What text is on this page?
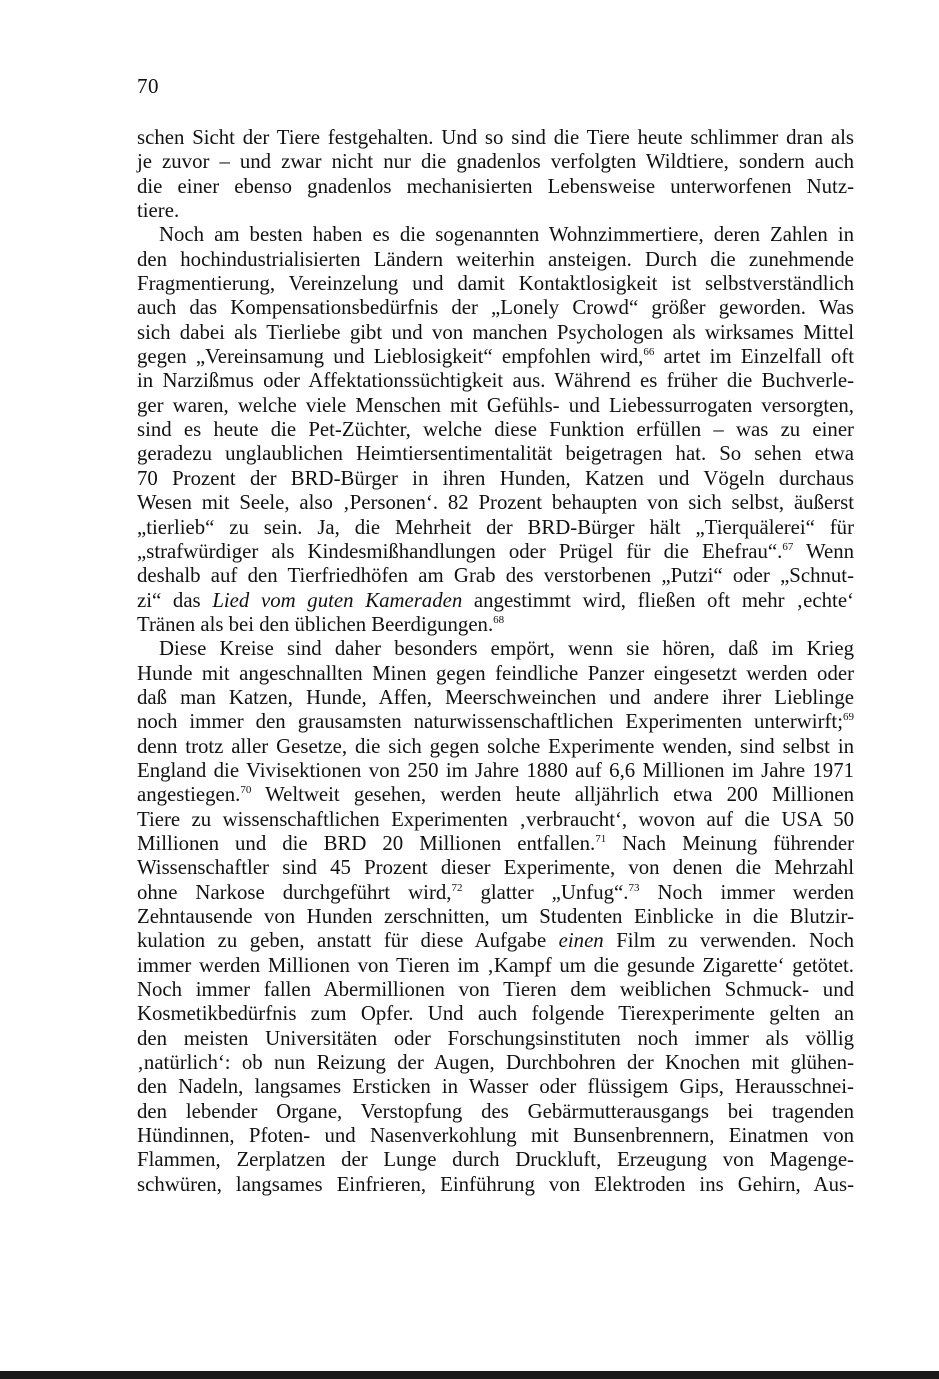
70
schen Sicht der Tiere festgehalten. Und so sind die Tiere heute schlimmer dran als
je zuvor – und zwar nicht nur die gnadenlos verfolgten Wildtiere, sondern auch
die einer ebenso gnadenlos mechanisierten Lebensweise unterworfenen Nutz-
tiere.
Noch am besten haben es die sogenannten Wohnzimmertiere, deren Zahlen in
den hochindustrialisierten Ländern weiterhin ansteigen. Durch die zunehmende
Fragmentierung, Vereinzelung und damit Kontaktlosigkeit ist selbstverständlich
auch das Kompensationsbedürfnis der „Lonely Crowd“ größer geworden. Was
sich dabei als Tierliebe gibt und von manchen Psychologen als wirksames Mittel
gegen „Vereinsamung und Lieblosigkeit“ empfohlen wird,$^{66}$ artet im Einzelfall oft
in Narzißmus oder Affektationssüchtigkeit aus. Während es früher die Buchverle-
ger waren, welche viele Menschen mit Gefühls- und Liebessurrogaten versorgten,
sind es heute die Pet-Züchter, welche diese Funktion erfüllen – was zu einer
geradezu unglaublichen Heimtiersentimentalität beigetragen hat. So sehen etwa
70 Prozent der BRD-Bürger in ihren Hunden, Katzen und Vögeln durchaus
Wesen mit Seele, also ‚Personen‘. 82 Prozent behaupten von sich selbst, äußerst
„tierlieb“ zu sein. Ja, die Mehrheit der BRD-Bürger hält „Tierquälerei“ für
„strafwürdiger als Kindesmißhandlungen oder Prügel für die Ehefrau“.$^{67}$ Wenn
deshalb auf den Tierfriedhöfen am Grab des verstorbenen „Putzi“ oder „Schnut-
zi“ das Lied vom guten Kameraden angestimmt wird, fließen oft mehr ‚echte‘
Tränen als bei den üblichen Beerdigungen.$^{68}$
Diese Kreise sind daher besonders empört, wenn sie hören, daß im Krieg
Hunde mit angeschnallten Minen gegen feindliche Panzer eingesetzt werden oder
daß man Katzen, Hunde, Affen, Meerschweinchen und andere ihrer Lieblinge
noch immer den grausamsten naturwissenschaftlichen Experimenten unterwirft;$^{69}$
denn trotz aller Gesetze, die sich gegen solche Experimente wenden, sind selbst in
England die Vivisektionen von 250 im Jahre 1880 auf 6,6 Millionen im Jahre 1971
angestiegen.$^{70}$ Weltweit gesehen, werden heute alljährlich etwa 200 Millionen
Tiere zu wissenschaftlichen Experimenten ‚verbraucht‘, wovon auf die USA 50
Millionen und die BRD 20 Millionen entfallen.$^{71}$ Nach Meinung führender
Wissenschaftler sind 45 Prozent dieser Experimente, von denen die Mehrzahl
ohne Narkose durchgeführt wird,$^{72}$ glatter „Unfug“.$^{73}$ Noch immer werden
Zehntausende von Hunden zerschnitten, um Studenten Einblicke in die Blutzir-
kulation zu geben, anstatt für diese Aufgabe einen Film zu verwenden. Noch
immer werden Millionen von Tieren im ‚Kampf um die gesunde Zigarette‘ getötet.
Noch immer fallen Abermillionen von Tieren dem weiblichen Schmuck- und
Kosmetikbedürfnis zum Opfer. Und auch folgende Tierexperimente gelten an
den meisten Universitäten oder Forschungsinstituten noch immer als völlig
‚natürlich‘: ob nun Reizung der Augen, Durchbohren der Knochen mit glühen-
den Nadeln, langsames Ersticken in Wasser oder flüssigem Gips, Herausschnei-
den lebender Organe, Verstopfung des Gebärmutterausgangs bei tragenden
Hündinnen, Pfoten- und Nasenverkohlung mit Bunsenbrennern, Einatmen von
Flammen, Zerplatzen der Lunge durch Druckluft, Erzeugung von Magenge-
schwüren, langsames Einfrieren, Einführung von Elektroden ins Gehirn, Aus-
